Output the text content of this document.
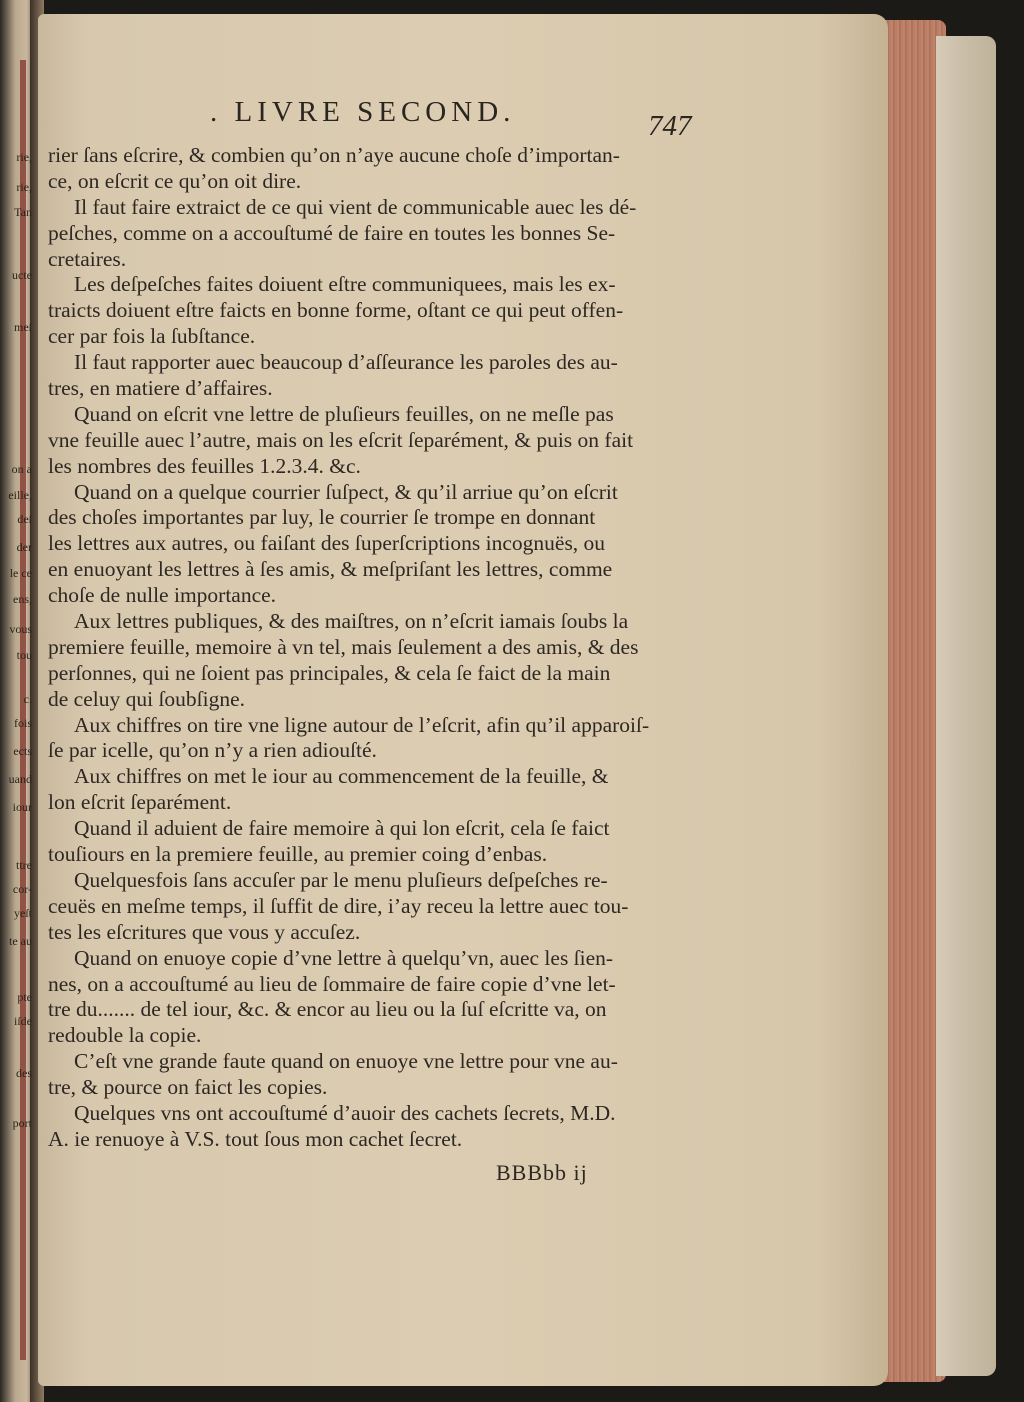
rie,
rie,
Tan
ucte
meſ
on a
eille,
deſ
der
le ce
ens,
vous
tou
c.
fois
ects
uand
iour
ttre
cor-
yeſt
te au
pte
iſde
des
port
. LIVRE SECOND.	747
rier ſans eſcrire, & combien qu’on n’aye aucune choſe d’importan-
ce, on eſcrit ce qu’on oit dire.
Il faut faire extraict de ce qui vient de communicable auec les dé-
peſches, comme on a accouſtumé de faire en toutes les bonnes Se-
cretaires.
Les deſpeſches faites doiuent eſtre communiquees, mais les ex-
traicts doiuent eſtre faicts en bonne forme, oſtant ce qui peut offen-
cer par fois la ſubſtance.
Il faut rapporter auec beaucoup d’aſſeurance les paroles des au-
tres, en matiere d’affaires.
Quand on eſcrit vne lettre de pluſieurs feuilles, on ne meſle pas
vne feuille auec l’autre, mais on les eſcrit ſeparément, & puis on fait
les nombres des feuilles 1.2.3.4. &c.
Quand on a quelque courrier ſuſpect, & qu’il arriue qu’on eſcrit
des choſes importantes par luy, le courrier ſe trompe en donnant
les lettres aux autres, ou faiſant des ſuperſcriptions incognuës, ou
en enuoyant les lettres à ſes amis, & meſpriſant les lettres, comme
choſe de nulle importance.
Aux lettres publiques, & des maiſtres, on n’eſcrit iamais ſoubs la
premiere feuille, memoire à vn tel, mais ſeulement a des amis, & des
perſonnes, qui ne ſoient pas principales, & cela ſe faict de la main
de celuy qui ſoubſigne.
Aux chiffres on tire vne ligne autour de l’eſcrit, afin qu’il apparoiſ-
ſe par icelle, qu’on n’y a rien adiouſté.
Aux chiffres on met le iour au commencement de la feuille, &
lon eſcrit ſeparément.
Quand il aduient de faire memoire à qui lon eſcrit, cela ſe faict
touſiours en la premiere feuille, au premier coing d’enbas.
Quelquesfois ſans accuſer par le menu pluſieurs deſpeſches re-
ceuës en meſme temps, il ſuffit de dire, i’ay receu la lettre auec tou-
tes les eſcritures que vous y accuſez.
Quand on enuoye copie d’vne lettre à quelqu’vn, auec les ſien-
nes, on a accouſtumé au lieu de ſommaire de faire copie d’vne let-
tre du....... de tel iour, &c. & encor au lieu ou la ſuſ eſcritte va, on
redouble la copie.
C’eſt vne grande faute quand on enuoye vne lettre pour vne au-
tre, & pource on faict les copies.
Quelques vns ont accouſtumé d’auoir des cachets ſecrets, M.D.
A. ie renuoye à V.S. tout ſous mon cachet ſecret.
BBBbb ij
